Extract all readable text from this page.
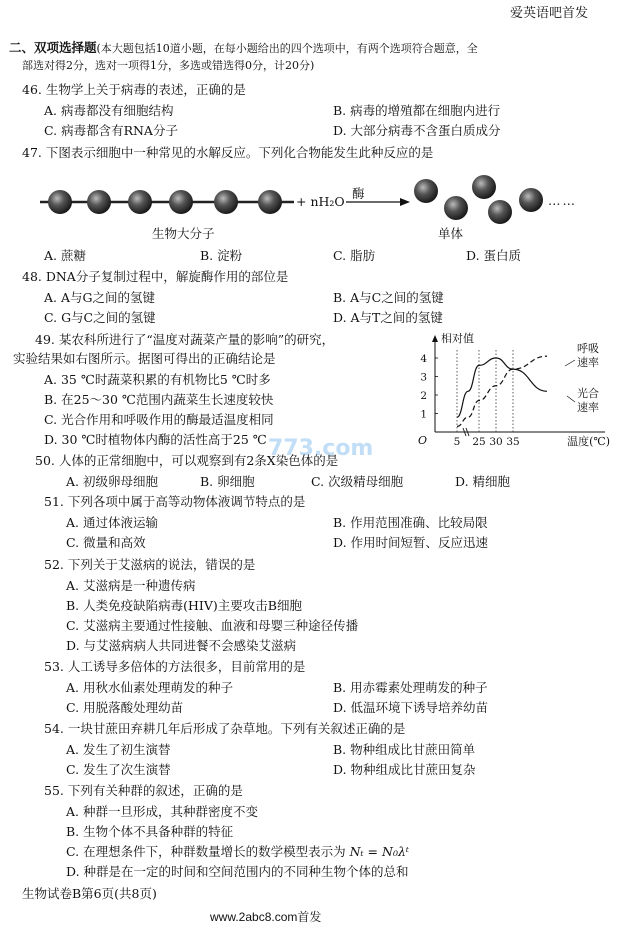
爱英语吧首发
二、双项选择题(本大题包括10道小题，在每小题给出的四个选项中，有两个选项符合题意，全
部选对得2分，选对一项得1分，多选或错选得0分，计20分)
46. 生物学上关于病毒的表述，正确的是
A. 病毒都没有细胞结构	B. 病毒的增殖都在细胞内进行
C. 病毒都含有RNA分子	D. 大部分病毒不含蛋白质成分
47. 下图表示细胞中一种常见的水解反应。下列化合物能发生此种反应的是
+ nH₂O
酶	……
生物大分子	单体
A. 蔗糖	B. 淀粉	C. 脂肪	D. 蛋白质
48. DNA分子复制过程中，解旋酶作用的部位是
A. A与G之间的氢键	B. A与C之间的氢键
C. G与C之间的氢键	D. A与T之间的氢键
49. 某农科所进行了“温度对蔬菜产量的影响”的研究，
实验结果如右图所示。据图可得出的正确结论是
A. 35 ℃时蔬菜积累的有机物比5 ℃时多
B. 在25～30 ℃范围内蔬菜生长速度较快
C. 光合作用和呼吸作用的酶最适温度相同
D. 30 ℃时植物体内酶的活性高于25 ℃
1
2
3
4
相对值
O	5 25 30 35	温度(℃)
呼吸
速率
光合
速率
773.com
50. 人体的正常细胞中，可以观察到有2条X染色体的是
A. 初级卵母细胞	B. 卵细胞	C. 次级精母细胞	D. 精细胞
51. 下列各项中属于高等动物体液调节特点的是
A. 通过体液运输	B. 作用范围准确、比较局限
C. 微量和高效	D. 作用时间短暂、反应迅速
52. 下列关于艾滋病的说法，错误的是
A. 艾滋病是一种遗传病
B. 人类免疫缺陷病毒(HIV)主要攻击B细胞
C. 艾滋病主要通过性接触、血液和母婴三种途径传播
D. 与艾滋病病人共同进餐不会感染艾滋病
53. 人工诱导多倍体的方法很多，目前常用的是
A. 用秋水仙素处理萌发的种子	B. 用赤霉素处理萌发的种子
C. 用脱落酸处理幼苗	D. 低温环境下诱导培养幼苗
54. 一块甘蔗田弃耕几年后形成了杂草地。下列有关叙述正确的是
A. 发生了初生演替	B. 物种组成比甘蔗田简单
C. 发生了次生演替	D. 物种组成比甘蔗田复杂
55. 下列有关种群的叙述，正确的是
A. 种群一旦形成，其种群密度不变
B. 生物个体不具备种群的特征
C. 在理想条件下，种群数量增长的数学模型表示为 Nₜ = N₀λᵗ
D. 种群是在一定的时间和空间范围内的不同种生物个体的总和
生物试卷B第6页(共8页)
www.2abc8.com首发
